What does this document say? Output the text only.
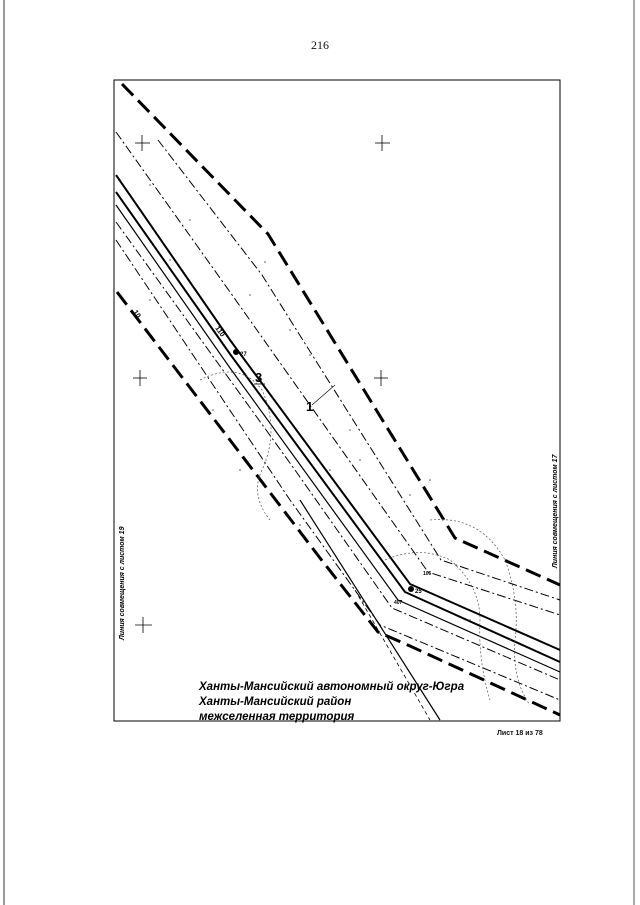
216
3
1
110
10
27
25
106
407
Линия совмещения с листом 19
Линия совмещения с листом 17
Ханты-Мансийский автономный округ-Югра
Ханты-Мансийский район
межселенная территория
Лист 18 из 78
